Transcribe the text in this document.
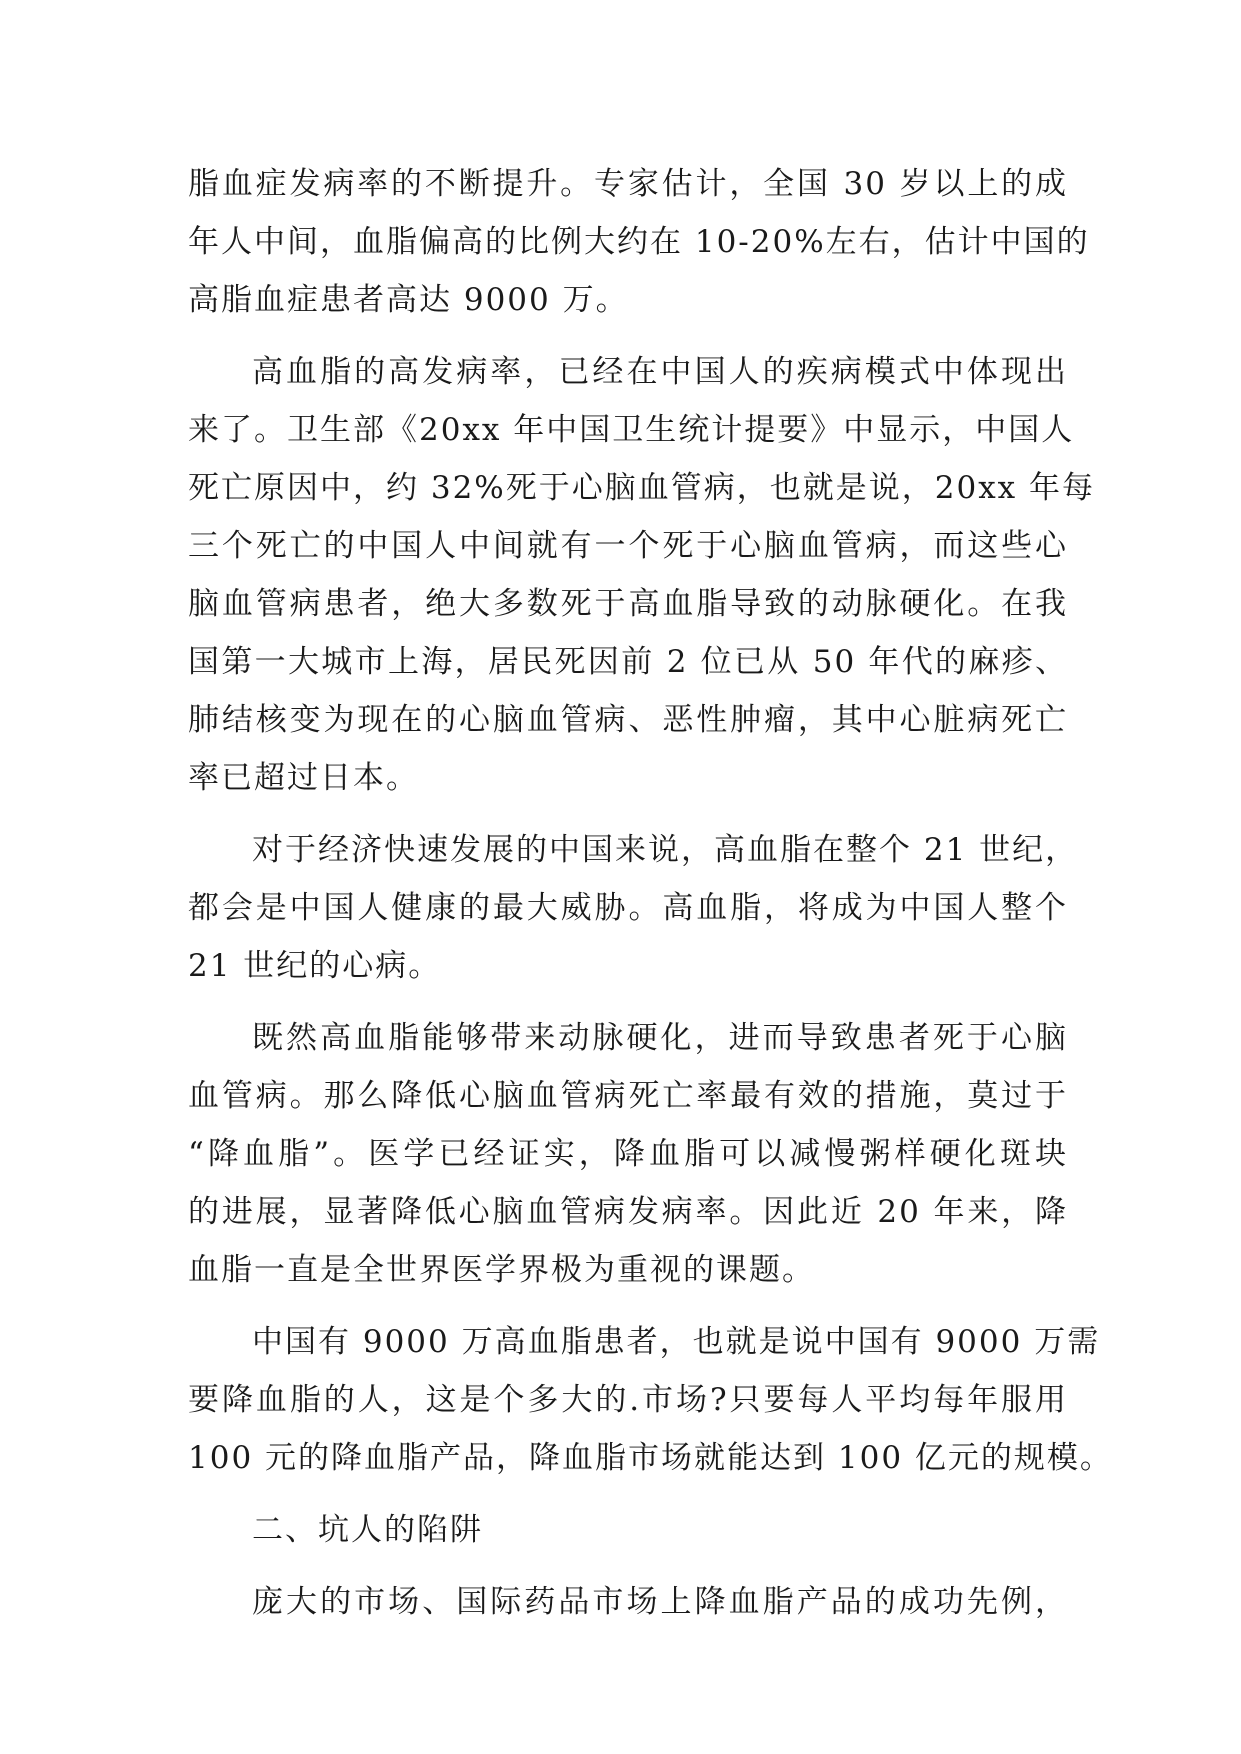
脂血症发病率的不断提升。专家估计，全国 30 岁以上的成
年人中间，血脂偏高的比例大约在 10-20%左右，估计中国的
高脂血症患者高达 9000 万。
高血脂的高发病率，已经在中国人的疾病模式中体现出
来了。卫生部《20xx 年中国卫生统计提要》中显示，中国人
死亡原因中，约 32%死于心脑血管病，也就是说，20xx 年每
三个死亡的中国人中间就有一个死于心脑血管病，而这些心
脑血管病患者，绝大多数死于高血脂导致的动脉硬化。在我
国第一大城市上海，居民死因前 2 位已从 50 年代的麻疹、
肺结核变为现在的心脑血管病、恶性肿瘤，其中心脏病死亡
率已超过日本。
对于经济快速发展的中国来说，高血脂在整个 21 世纪，
都会是中国人健康的最大威胁。高血脂，将成为中国人整个
21 世纪的心病。
既然高血脂能够带来动脉硬化，进而导致患者死于心脑
血管病。那么降低心脑血管病死亡率最有效的措施，莫过于
“降血脂”。医学已经证实，降血脂可以减慢粥样硬化斑块
的进展，显著降低心脑血管病发病率。因此近 20 年来，降
血脂一直是全世界医学界极为重视的课题。
中国有 9000 万高血脂患者，也就是说中国有 9000 万需
要降血脂的人，这是个多大的.市场?只要每人平均每年服用
100 元的降血脂产品，降血脂市场就能达到 100 亿元的规模。
二、坑人的陷阱
庞大的市场、国际药品市场上降血脂产品的成功先例，
